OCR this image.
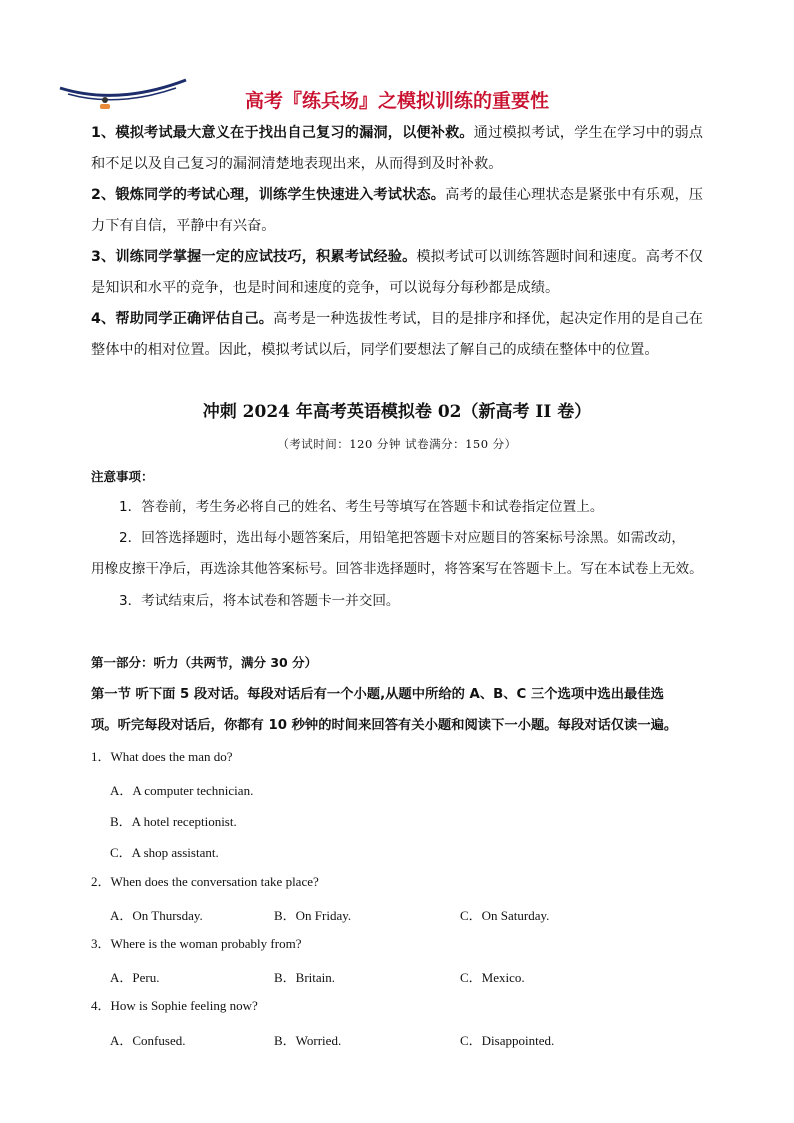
高考『练兵场』之模拟训练的重要性

1、模拟考试最大意义在于找出自己复习的漏洞，以便补救。通过模拟考试，学生在学习中的弱点和不足以及自己复习的漏洞清楚地表现出来，从而得到及时补救。

2、锻炼同学的考试心理，训练学生快速进入考试状态。高考的最佳心理状态是紧张中有乐观，压力下有自信，平静中有兴奋。

3、训练同学掌握一定的应试技巧，积累考试经验。模拟考试可以训练答题时间和速度。高考不仅是知识和水平的竞争，也是时间和速度的竞争，可以说每分每秒都是成绩。

4、帮助同学正确评估自己。高考是一种选拔性考试，目的是排序和择优，起决定作用的是自己在整体中的相对位置。因此，模拟考试以后，同学们要想法了解自己的成绩在整体中的位置。

冲刺 2024 年高考英语模拟卷 02（新高考 II 卷）
（考试时间：120 分钟 试卷满分：150 分）

注意事项：

1．答卷前，考生务必将自己的姓名、考生号等填写在答题卡和试卷指定位置上。

2．回答选择题时，选出每小题答案后，用铅笔把答题卡对应题目的答案标号涂黑。如需改动，

用橡皮擦干净后，再选涂其他答案标号。回答非选择题时，将答案写在答题卡上。写在本试卷上无效。

3．考试结束后，将本试卷和答题卡一并交回。

第一部分：听力（共两节，满分 30 分）

第一节 听下面 5 段对话。每段对话后有一个小题,从题中所给的 A、B、C 三个选项中选出最佳选

项。听完每段对话后，你都有 10 秒钟的时间来回答有关小题和阅读下一小题。每段对话仅读一遍。

1．What does the man do?

A．A computer technician.
B．A hotel receptionist.
C．A shop assistant.

2．When does the conversation take place?

A．On Thursday.	B．On Friday.	C．On Saturday.

3．Where is the woman probably from?

A．Peru.	B．Britain.	C．Mexico.

4．How is Sophie feeling now?

A．Confused.	B．Worried.	C．Disappointed.
